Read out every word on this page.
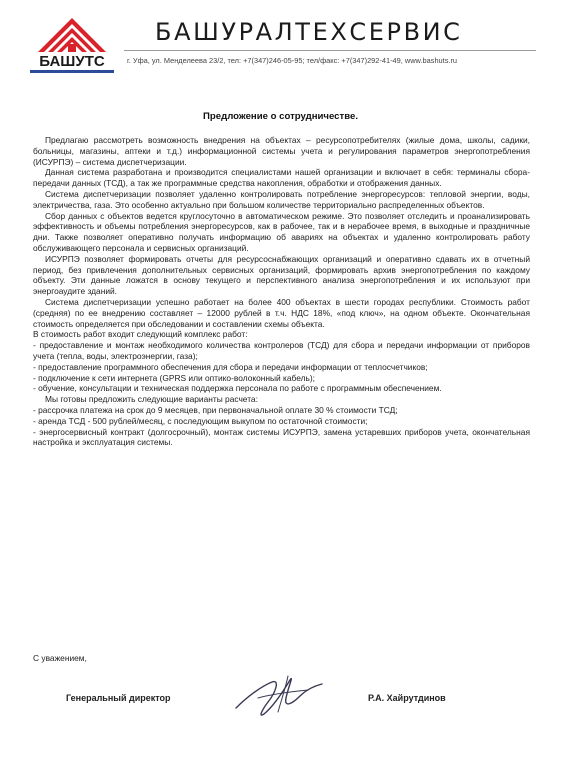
БАШУТС
БАШУРАЛТЕХСЕРВИС
г. Уфа, ул. Менделеева 23/2, тел: +7(347)246-05-95; тел/факс: +7(347)292-41-49, www.bashuts.ru
Предложение о сотрудничестве.

Предлагаю рассмотреть возможность внедрения на объектах – ресурсопотребителях (жилые дома, школы, садики, больницы, магазины, аптеки и т.д.) информационной системы учета и регулирования параметров энергопотребления (ИСУРПЭ) – система диспетчеризации.

Данная система разработана и производится специалистами нашей организации и включает в себя: терминалы сбора-передачи данных (ТСД), а так же программные средства накопления, обработки и отображения данных.

Система диспетчеризации позволяет удаленно контролировать потребление энергоресурсов: тепловой энергии, воды, электричества, газа. Это особенно актуально при большом количестве территориально распределенных объектов.

Сбор данных с объектов ведется круглосуточно в автоматическом режиме. Это позволяет отследить и проанализировать эффективность и объемы потребления энергоресурсов, как в рабочее, так и в нерабочее время, в выходные и праздничные дни. Также позволяет оперативно получать информацию об авариях на объектах и удаленно контролировать работу обслуживающего персонала и сервисных организаций.

ИСУРПЭ позволяет формировать отчеты для ресурсоснабжающих организаций и оперативно сдавать их в отчетный период, без привлечения дополнительных сервисных организаций, формировать архив энергопотребления по каждому объекту. Эти данные ложатся в основу текущего и перспективного анализа энергопотребления и их используют при энергоаудите зданий.

Система диспетчеризации успешно работает на более 400 объектах в шести городах республики. Стоимость работ (средняя) по ее внедрению составляет – 12000 рублей в т.ч. НДС 18%, «под ключ», на одном объекте. Окончательная стоимость определяется при обследовании и составлении схемы объекта.

В стоимость работ входит следующий комплекс работ:

- предоставление и монтаж необходимого количества контролеров (ТСД) для сбора и передачи информации от приборов учета (тепла, воды, электроэнергии, газа);

- предоставление программного обеспечения для сбора и передачи информации от теплосчетчиков;

- подключение к сети интернета (GPRS или оптико-волоконный кабель);

- обучение, консультации и техническая поддержка персонала по работе с программным обеспечением.

Мы готовы предложить следующие варианты расчета:

- рассрочка платежа на срок до 9 месяцев, при первоначальной оплате 30 % стоимости ТСД;

- аренда ТСД - 500 рублей/месяц, с последующим выкупом по остаточной стоимости;

- энергосервисный контракт (долгосрочный), монтаж системы ИСУРПЭ, замена устаревших приборов учета, окончательная настройка и эксплуатация системы.

С уважением,
Генеральный директор	Р.А. Хайрутдинов
